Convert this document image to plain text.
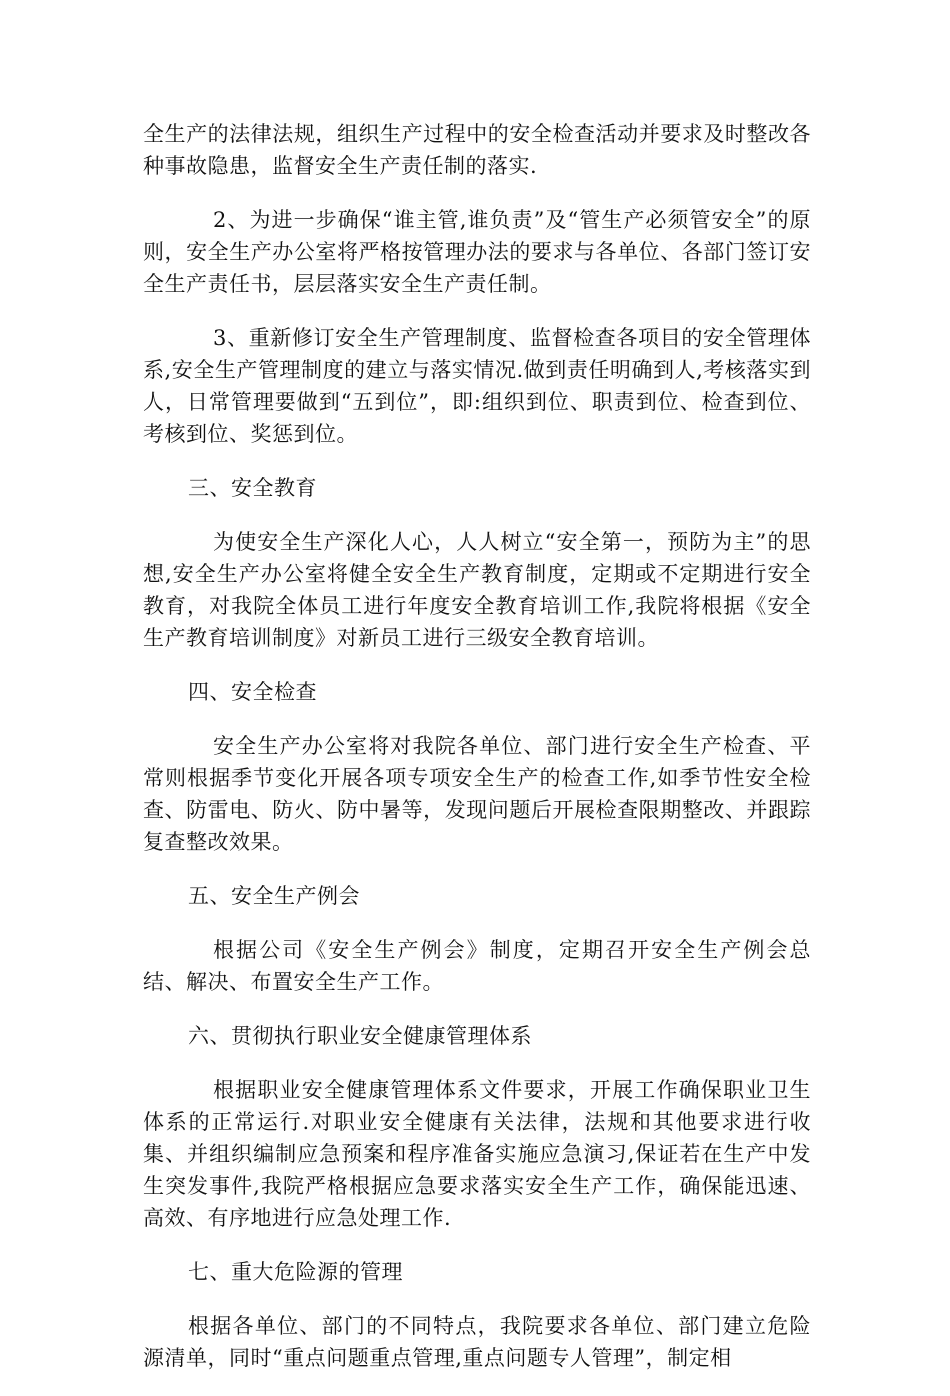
全生产的法律法规，组织生产过程中的安全检查活动并要求及时整改各种事故隐患，监督安全生产责任制的落实.

2、为进一步确保“谁主管,谁负责”及“管生产必须管安全”的原则，安全生产办公室将严格按管理办法的要求与各单位、各部门签订安全生产责任书，层层落实安全生产责任制。

3、重新修订安全生产管理制度、监督检查各项目的安全管理体系,安全生产管理制度的建立与落实情况.做到责任明确到人,考核落实到人，日常管理要做到“五到位”，即:组织到位、职责到位、检查到位、考核到位、奖惩到位。

三、安全教育

为使安全生产深化人心，人人树立“安全第一，预防为主”的思想,安全生产办公室将健全安全生产教育制度，定期或不定期进行安全教育，对我院全体员工进行年度安全教育培训工作,我院将根据《安全生产教育培训制度》对新员工进行三级安全教育培训。

四、安全检查

安全生产办公室将对我院各单位、部门进行安全生产检查、平常则根据季节变化开展各项专项安全生产的检查工作,如季节性安全检查、防雷电、防火、防中暑等，发现问题后开展检查限期整改、并跟踪复查整改效果。

五、安全生产例会

根据公司《安全生产例会》制度，定期召开安全生产例会总结、解决、布置安全生产工作。

六、贯彻执行职业安全健康管理体系

根据职业安全健康管理体系文件要求，开展工作确保职业卫生体系的正常运行.对职业安全健康有关法律，法规和其他要求进行收集、并组织编制应急预案和程序准备实施应急演习,保证若在生产中发生突发事件,我院严格根据应急要求落实安全生产工作，确保能迅速、高效、有序地进行应急处理工作.

七、重大危险源的管理

根据各单位、部门的不同特点，我院要求各单位、部门建立危险源清单，同时“重点问题重点管理,重点问题专人管理”，制定相
